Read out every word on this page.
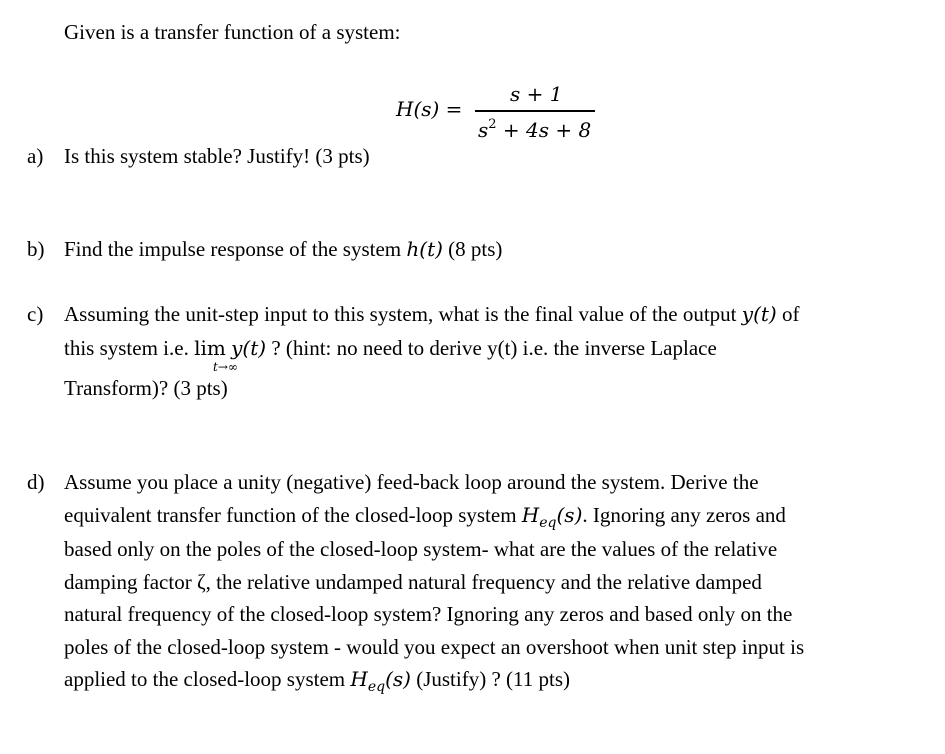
Given is a transfer function of a system:
H(s) =
s + 1
$s^2 + 4s + 8$
a) Is this system stable? Justify! (3 pts)
b) Find the impulse response of the system h(t) (8 pts)
c) Assuming the unit-step input to this system, what is the final value of the output y(t) of
this system i.e. lim y(t) ? (hint: no need to derive y(t) i.e. the inverse Laplace
t→∞
Transform)? (3 pts)
d) Assume you place a unity (negative) feed-back loop around the system. Derive the
equivalent transfer function of the closed-loop system $H_{eq}(s)$. Ignoring any zeros and
based only on the poles of the closed-loop system- what are the values of the relative
damping factor ζ, the relative undamped natural frequency and the relative damped
natural frequency of the closed-loop system? Ignoring any zeros and based only on the
poles of the closed-loop system - would you expect an overshoot when unit step input is
applied to the closed-loop system $H_{eq}(s)$ (Justify) ? (11 pts)
